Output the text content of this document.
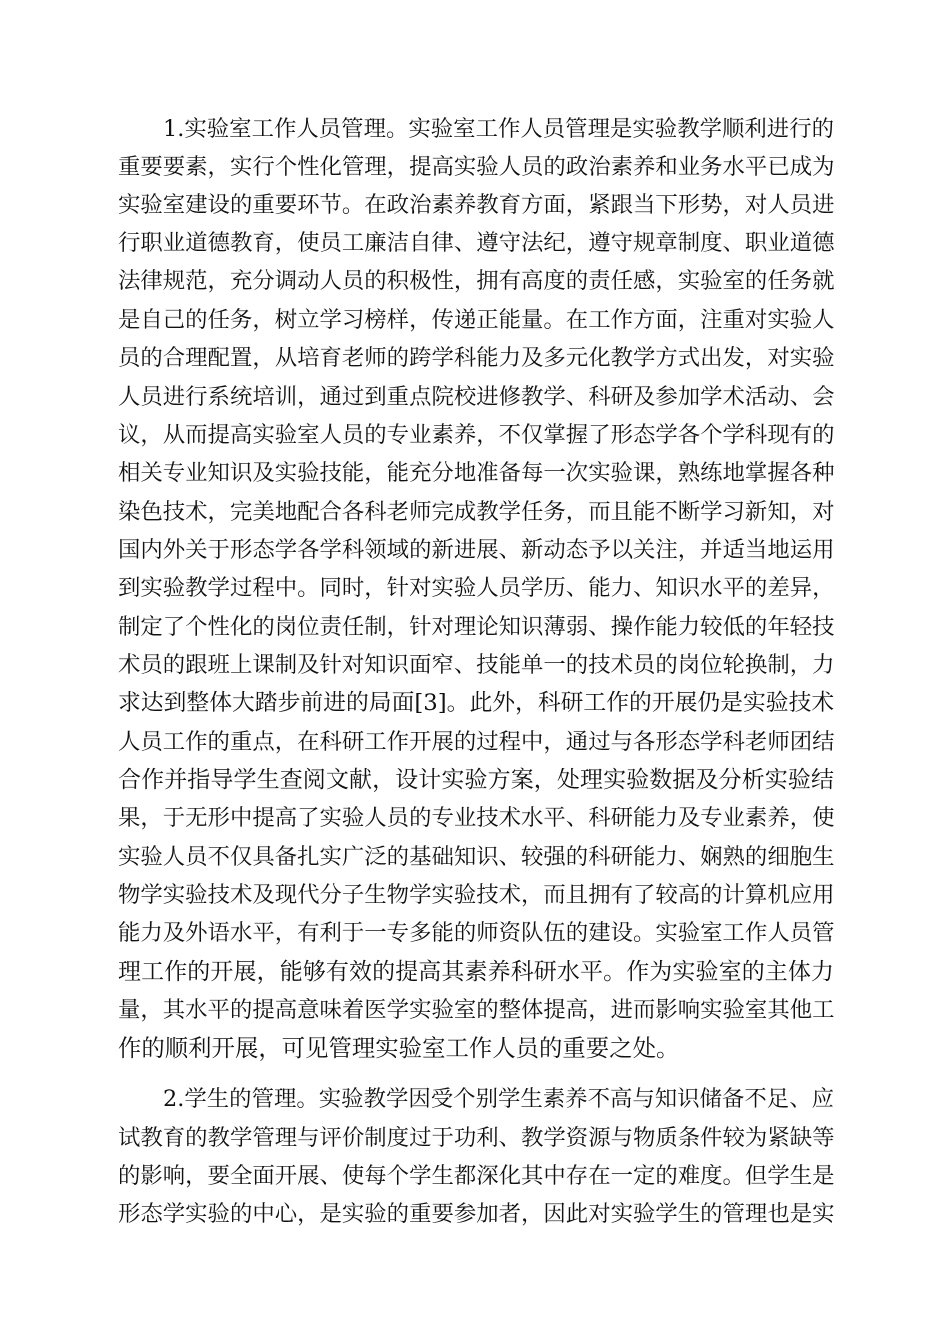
1.实验室工作人员管理。实验室工作人员管理是实验教学顺利进行的

重要要素，实行个性化管理，提高实验人员的政治素养和业务水平已成为

实验室建设的重要环节。在政治素养教育方面，紧跟当下形势，对人员进

行职业道德教育，使员工廉洁自律、遵守法纪，遵守规章制度、职业道德

法律规范，充分调动人员的积极性，拥有高度的责任感，实验室的任务就

是自己的任务，树立学习榜样，传递正能量。在工作方面，注重对实验人

员的合理配置，从培育老师的跨学科能力及多元化教学方式出发，对实验

人员进行系统培训，通过到重点院校进修教学、科研及参加学术活动、会

议，从而提高实验室人员的专业素养，不仅掌握了形态学各个学科现有的

相关专业知识及实验技能，能充分地准备每一次实验课，熟练地掌握各种

染色技术，完美地配合各科老师完成教学任务，而且能不断学习新知，对

国内外关于形态学各学科领域的新进展、新动态予以关注，并适当地运用

到实验教学过程中。同时，针对实验人员学历、能力、知识水平的差异，

制定了个性化的岗位责任制，针对理论知识薄弱、操作能力较低的年轻技

术员的跟班上课制及针对知识面窄、技能单一的技术员的岗位轮换制，力

求达到整体大踏步前进的局面[3]。此外，科研工作的开展仍是实验技术

人员工作的重点，在科研工作开展的过程中，通过与各形态学科老师团结

合作并指导学生查阅文献，设计实验方案，处理实验数据及分析实验结

果，于无形中提高了实验人员的专业技术水平、科研能力及专业素养，使

实验人员不仅具备扎实广泛的基础知识、较强的科研能力、娴熟的细胞生

物学实验技术及现代分子生物学实验技术，而且拥有了较高的计算机应用

能力及外语水平，有利于一专多能的师资队伍的建设。实验室工作人员管

理工作的开展，能够有效的提高其素养科研水平。作为实验室的主体力

量，其水平的提高意味着医学实验室的整体提高，进而影响实验室其他工

作的顺利开展，可见管理实验室工作人员的重要之处。

2.学生的管理。实验教学因受个别学生素养不高与知识储备不足、应

试教育的教学管理与评价制度过于功利、教学资源与物质条件较为紧缺等

的影响，要全面开展、使每个学生都深化其中存在一定的难度。但学生是

形态学实验的中心，是实验的重要参加者，因此对实验学生的管理也是实
